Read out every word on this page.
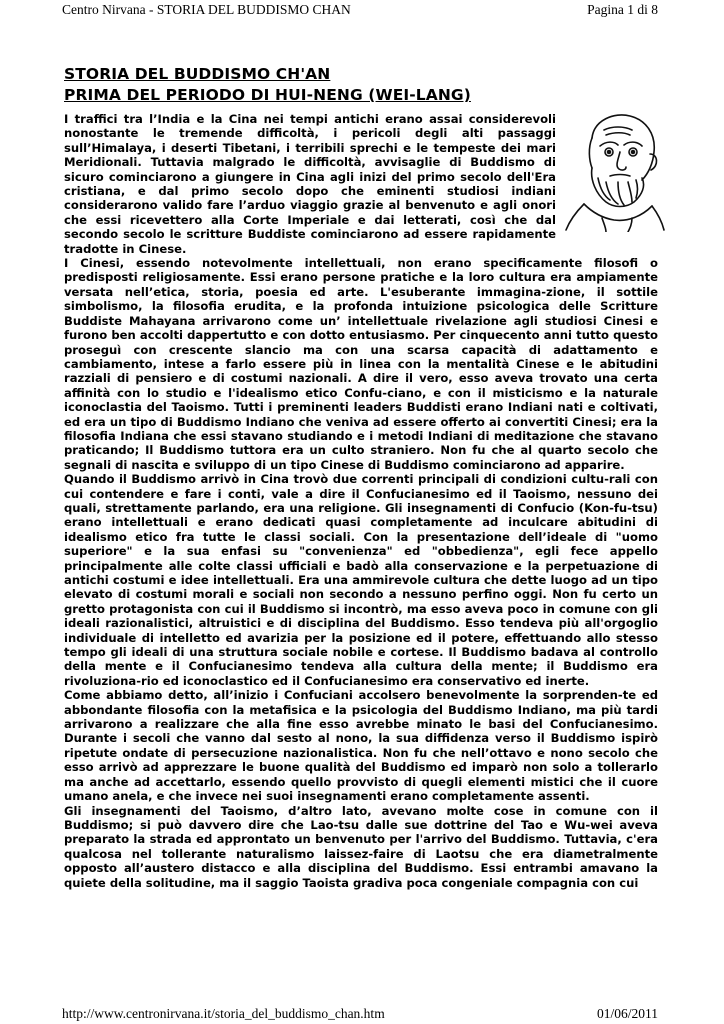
Centro Nirvana - STORIA DEL BUDDISMO CHAN	Pagina 1 di 8
STORIA DEL BUDDISMO CH'AN
PRIMA DEL PERIODO DI HUI-NENG (WEI-LANG)

I traffici tra l’India e la Cina nei tempi antichi erano assai considerevoli nonostante le tremende difficoltà, i pericoli degli alti passaggi sull’Himalaya, i deserti Tibetani, i terribili sprechi e le tempeste dei mari Meridionali. Tuttavia malgrado le difficoltà, avvisaglie di Buddismo di sicuro cominciarono a giungere in Cina agli inizi del primo secolo dell'Era cristiana, e dal primo secolo dopo che eminenti studiosi indiani considerarono valido fare l’arduo viaggio grazie al benvenuto e agli onori che essi ricevettero alla Corte Imperiale e dai letterati, così che dal secondo secolo le scritture Buddiste cominciarono ad essere rapidamente tradotte in Cinese.

I Cinesi, essendo notevolmente intellettuali, non erano specificamente filosofi o predisposti religiosamente. Essi erano persone pratiche e la loro cultura era ampiamente versata nell’etica, storia, poesia ed arte. L'esuberante immagina-zione, il sottile simbolismo, la filosofia erudita, e la profonda intuizione psicologica delle Scritture Buddiste Mahayana arrivarono come un’ intellettuale rivelazione agli studiosi Cinesi e furono ben accolti dappertutto e con dotto entusiasmo. Per cinquecento anni tutto questo proseguì con crescente slancio ma con una scarsa capacità di adattamento e cambiamento, intese a farlo essere più in linea con la mentalità Cinese e le abitudini razziali di pensiero e di costumi nazionali. A dire il vero, esso aveva trovato una certa affinità con lo studio e l'idealismo etico Confu-ciano, e con il misticismo e la naturale iconoclastia del Taoismo. Tutti i preminenti leaders Buddisti erano Indiani nati e coltivati, ed era un tipo di Buddismo Indiano che veniva ad essere offerto ai convertiti Cinesi; era la filosofia Indiana che essi stavano studiando e i metodi Indiani di meditazione che stavano praticando; Il Buddismo tuttora era un culto straniero. Non fu che al quarto secolo che segnali di nascita e sviluppo di un tipo Cinese di Buddismo cominciarono ad apparire.

Quando il Buddismo arrivò in Cina trovò due correnti principali di condizioni cultu-rali con cui contendere e fare i conti, vale a dire il Confucianesimo ed il Taoismo, nessuno dei quali, strettamente parlando, era una religione. Gli insegnamenti di Confucio (Kon-fu-tsu) erano intellettuali e erano dedicati quasi completamente ad inculcare abitudini di idealismo etico fra tutte le classi sociali. Con la presentazione dell’ideale di "uomo superiore" e la sua enfasi su "convenienza" ed "obbedienza", egli fece appello principalmente alle colte classi ufficiali e badò alla conservazione e la perpetuazione di antichi costumi e idee intellettuali. Era una ammirevole cultura che dette luogo ad un tipo elevato di costumi morali e sociali non secondo a nessuno perfino oggi. Non fu certo un gretto protagonista con cui il Buddismo si incontrò, ma esso aveva poco in comune con gli ideali razionalistici, altruistici e di disciplina del Buddismo. Esso tendeva più all'orgoglio individuale di intelletto ed avarizia per la posizione ed il potere, effettuando allo stesso tempo gli ideali di una struttura sociale nobile e cortese. Il Buddismo badava al controllo della mente e il Confucianesimo tendeva alla cultura della mente; il Buddismo era rivoluziona-rio ed iconoclastico ed il Confucianesimo era conservativo ed inerte.

Come abbiamo detto, all’inizio i Confuciani accolsero benevolmente la sorprenden-te ed abbondante filosofia con la metafisica e la psicologia del Buddismo Indiano, ma più tardi arrivarono a realizzare che alla fine esso avrebbe minato le basi del Confucianesimo. Durante i secoli che vanno dal sesto al nono, la sua diffidenza verso il Buddismo ispirò ripetute ondate di persecuzione nazionalistica. Non fu che nell’ottavo e nono secolo che esso arrivò ad apprezzare le buone qualità del Buddismo ed imparò non solo a tollerarlo ma anche ad accettarlo, essendo quello provvisto di quegli elementi mistici che il cuore umano anela, e che invece nei suoi insegnamenti erano completamente assenti.

Gli insegnamenti del Taoismo, d’altro lato, avevano molte cose in comune con il Buddismo; si può davvero dire che Lao-tsu dalle sue dottrine del Tao e Wu-wei aveva preparato la strada ed approntato un benvenuto per l'arrivo del Buddismo. Tuttavia, c'era qualcosa nel tollerante naturalismo laissez-faire di Laotsu che era diametralmente opposto all’austero distacco e alla disciplina del Buddismo. Essi entrambi amavano la quiete della solitudine, ma il saggio Taoista gradiva poca congeniale compagnia con cui

http://www.centronirvana.it/storia_del_buddismo_chan.htm	01/06/2011
